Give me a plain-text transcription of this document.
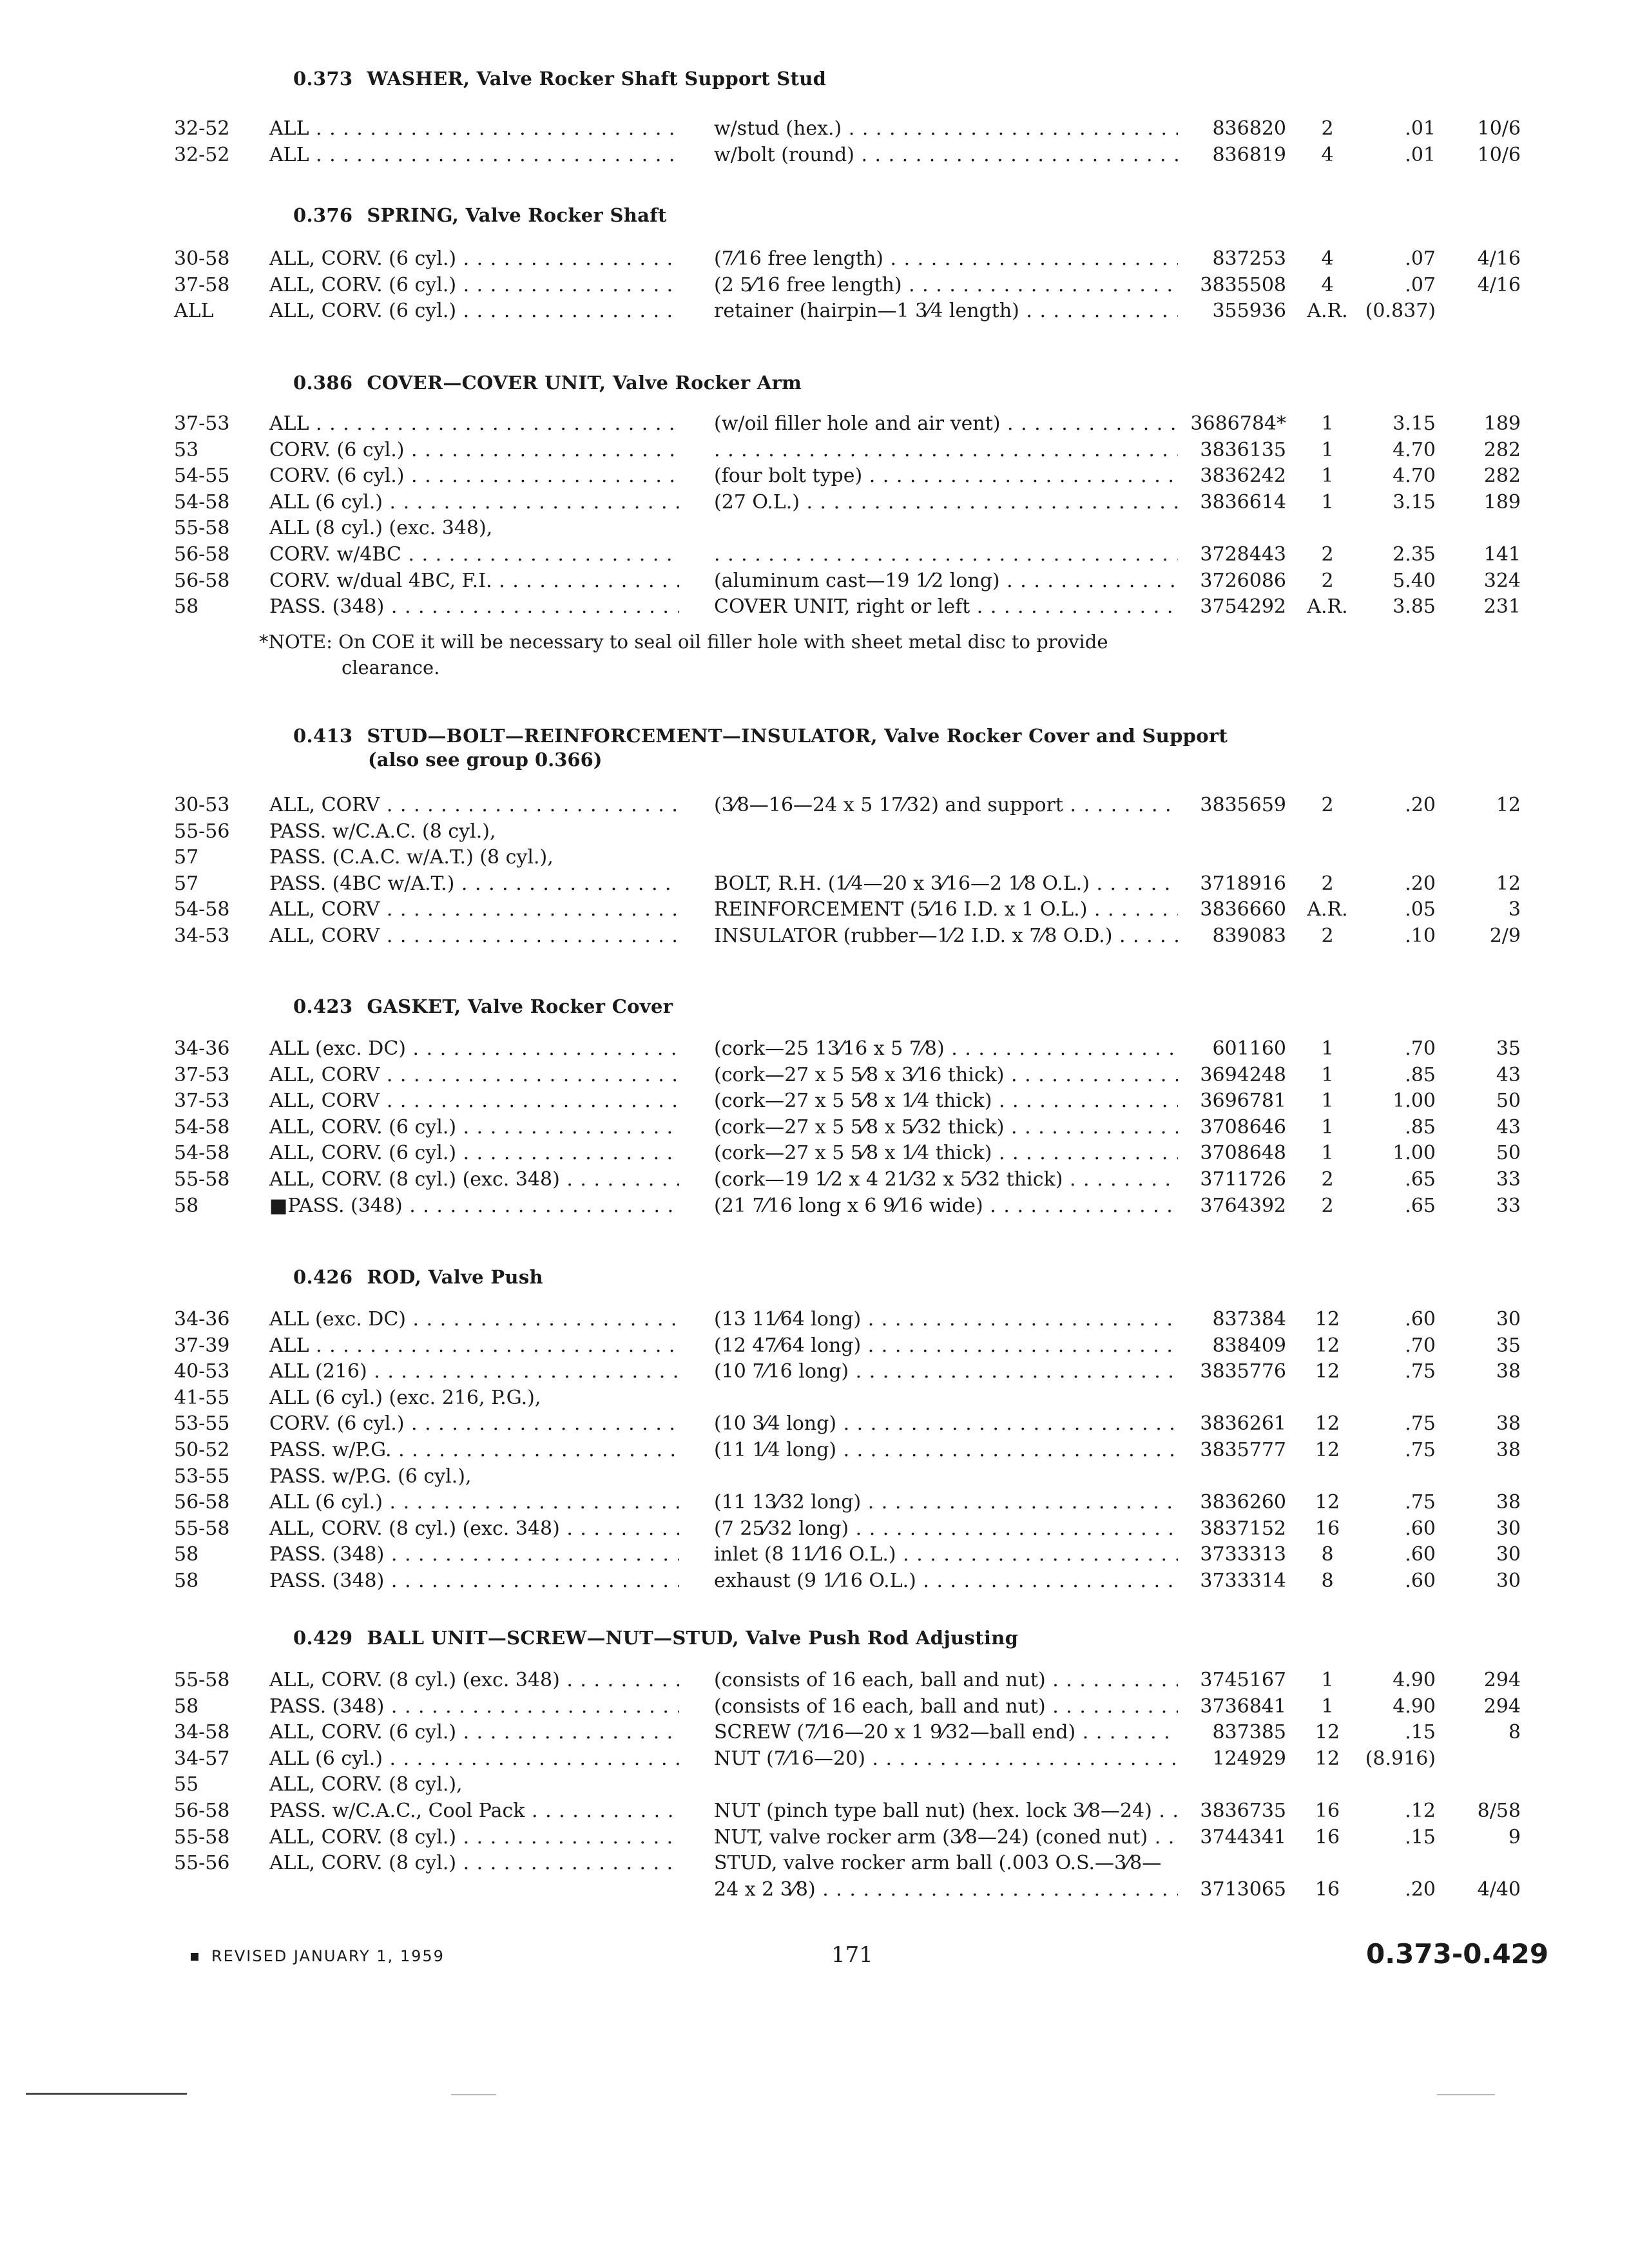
0.373 WASHER, Valve Rocker Shaft Support Stud
32-52 ALL . . .	w/stud (hex.) . . .	836820	2	.01 10/6
32-52 ALL . . .	w/bolt (round) . . .	836819	4	.01 10/6
0.376 SPRING, Valve Rocker Shaft
30-58 ALL, CORV. (6 cyl.) . . .	(7⁄16 free length) . . .	837253	4	.07 4/16
37-58 ALL, CORV. (6 cyl.) . . .	(2 5⁄16 free length) . . .	3835508	4	.07 4/16
ALL	ALL, CORV. (6 cyl.) . . .	retainer (hairpin—1 3⁄4 length) . . .	355936 A.R. (0.837)
0.386 COVER—COVER UNIT, Valve Rocker Arm
37-53 ALL . . .	(w/oil filler hole and air vent) . . .	3686784*	1	3.15 189
53	CORV. (6 cyl.) . . . . . .	3836135	1	4.70 282
54-55 CORV. (6 cyl.) . . .	(four bolt type) . . .	3836242	1	4.70 282
54-58 ALL (6 cyl.) . . .	(27 O.L.) . . .	3836614	1	3.15 189
55-58 ALL (8 cyl.) (exc. 348),
56-58 CORV. w/4BC . . . . . .	3728443	2	2.35 141
56-58 CORV. w/dual 4BC, F.I. . . .	(aluminum cast—19 1⁄2 long) . . .	3726086	2	5.40 324
58	PASS. (348) . . .	COVER UNIT, right or left . . .	3754292 A.R. 3.85 231
*NOTE: On COE it will be necessary to seal oil filler hole with sheet metal disc to provide
clearance.
0.413 STUD—BOLT—REINFORCEMENT—INSULATOR, Valve Rocker Cover and Support
(also see group 0.366)
30-53 ALL, CORV . . .	(3⁄8—16—24 x 5 17⁄32) and support . . .	3835659	2	.20	12
55-56 PASS. w/C.A.C. (8 cyl.),
57	PASS. (C.A.C. w/A.T.) (8 cyl.),
57	PASS. (4BC w/A.T.) . . .	BOLT, R.H. (1⁄4—20 x 3⁄16—2 1⁄8 O.L.) . . .	3718916	2	.20	12
54-58 ALL, CORV . . .	REINFORCEMENT (5⁄16 I.D. x 1 O.L.) . . .	3836660 A.R.	.05	3
34-53 ALL, CORV . . .	INSULATOR (rubber—1⁄2 I.D. x 7⁄8 O.D.) . . .	839083	2	.10	2/9
0.423 GASKET, Valve Rocker Cover
34-36 ALL (exc. DC) . . .	(cork—25 13⁄16 x 5 7⁄8) . . .	601160	1	.70	35
37-53 ALL, CORV . . .	(cork—27 x 5 5⁄8 x 3⁄16 thick) . . .	3694248	1	.85	43
37-53 ALL, CORV . . .	(cork—27 x 5 5⁄8 x 1⁄4 thick) . . .	3696781	1	1.00	50
54-58 ALL, CORV. (6 cyl.) . . .	(cork—27 x 5 5⁄8 x 5⁄32 thick) . . .	3708646	1	.85	43
54-58 ALL, CORV. (6 cyl.) . . .	(cork—27 x 5 5⁄8 x 1⁄4 thick) . . .	3708648	1	1.00	50
55-58 ALL, CORV. (8 cyl.) (exc. 348) . . .	(cork—19 1⁄2 x 4 21⁄32 x 5⁄32 thick) . . .	3711726	2	.65	33
58	■PASS. (348) . . .	(21 7⁄16 long x 6 9⁄16 wide) . . .	3764392	2	.65	33
0.426 ROD, Valve Push
34-36 ALL (exc. DC) . . .	(13 11⁄64 long) . . .	837384	12	.60	30
37-39 ALL . . .	(12 47⁄64 long) . . .	838409	12	.70	35
40-53 ALL (216) . . .	(10 7⁄16 long) . . .	3835776	12	.75	38
41-55 ALL (6 cyl.) (exc. 216, P.G.),
53-55 CORV. (6 cyl.) . . .	(10 3⁄4 long) . . .	3836261	12	.75	38
50-52 PASS. w/P.G. . . .	(11 1⁄4 long) . . .	3835777	12	.75	38
53-55 PASS. w/P.G. (6 cyl.),
56-58 ALL (6 cyl.) . . .	(11 13⁄32 long) . . .	3836260	12	.75	38
55-58 ALL, CORV. (8 cyl.) (exc. 348) . . .	(7 25⁄32 long) . . .	3837152	16	.60	30
58	PASS. (348) . . .	inlet (8 11⁄16 O.L.) . . .	3733313	8	.60	30
58	PASS. (348) . . .	exhaust (9 1⁄16 O.L.) . . .	3733314	8	.60	30
0.429 BALL UNIT—SCREW—NUT—STUD, Valve Push Rod Adjusting
55-58 ALL, CORV. (8 cyl.) (exc. 348) . . .	(consists of 16 each, ball and nut) . . .	3745167	1	4.90 294
58	PASS. (348) . . .	(consists of 16 each, ball and nut) . . .	3736841	1	4.90 294
34-58 ALL, CORV. (6 cyl.) . . .	SCREW (7⁄16—20 x 1 9⁄32—ball end) . . .	837385	12	.15	8
34-57 ALL (6 cyl.) . . .	NUT (7⁄16—20) . . .	124929	12	(8.916)
55	ALL, CORV. (8 cyl.),
56-58 PASS. w/C.A.C., Cool Pack . . .	NUT (pinch type ball nut) (hex. lock 3⁄8—24) . . .	3836735	16	.12 8/58
55-58 ALL, CORV. (8 cyl.) . . .	NUT, valve rocker arm (3⁄8—24) (coned nut) . . .	3744341	16	.15	9
55-56 ALL, CORV. (8 cyl.) . . .	STUD, valve rocker arm ball (.003 O.S.—3⁄8—
24 x 2 3⁄8) . . .	3713065	16	.20 4/40
REVISED JANUARY 1, 1959	171	0.373-0.429
